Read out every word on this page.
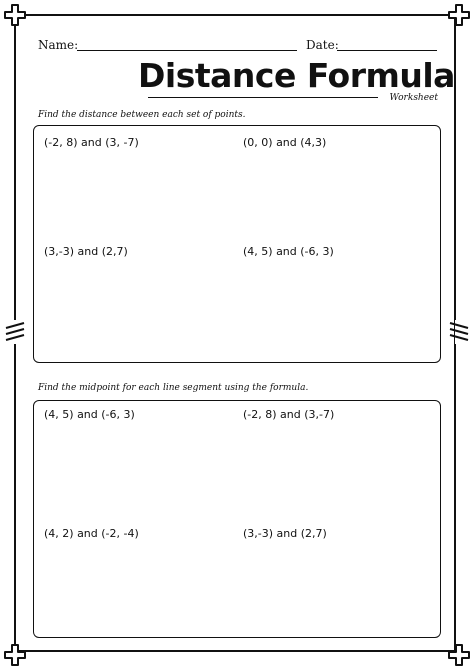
Name:	Date:
Distance Formula
Worksheet
Find the distance between each set of points.
(-2, 8) and (3, -7)	(0, 0) and (4,3)
(3,-3) and (2,7)	(4, 5) and (-6, 3)
Find the midpoint for each line segment using the formula.
(4, 5) and (-6, 3)	(-2, 8) and (3,-7)
(4, 2) and (-2, -4)	(3,-3) and (2,7)
